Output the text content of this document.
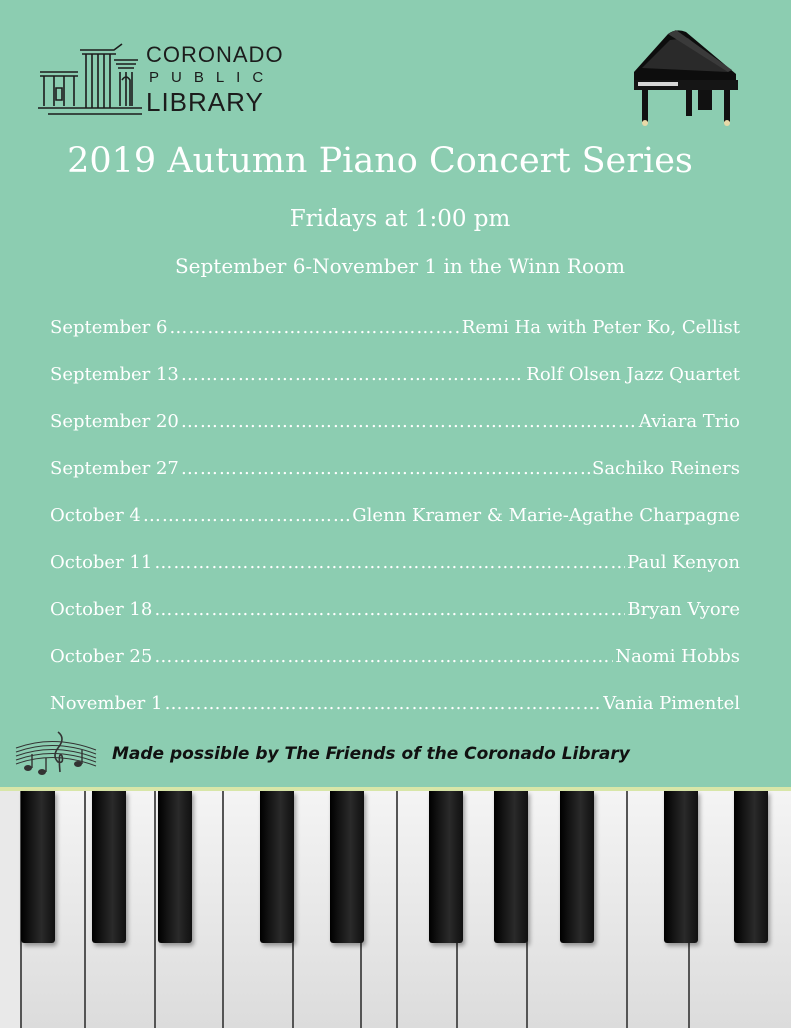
CORONADO
PUBLIC
LIBRARY
2019 Autumn Piano Concert Series
Fridays at 1:00 pm
September 6-November 1 in the Winn Room
September 6 ………………………………………………………………………………………………………	Remi Ha with Peter Ko, Cellist
September 13 ………………………………………………………………………………………………………	Rolf Olsen Jazz Quartet
September 20 ………………………………………………………………………………………………………	Aviara Trio
September 27 ………………………………………………………………………………………………………	Sachiko Reiners
October 4 ………………………………………………………………………………………………………	Glenn Kramer & Marie-Agathe Charpagne
October 11 ………………………………………………………………………………………………………	Paul Kenyon
October 18 ………………………………………………………………………………………………………	Bryan Vyore
October 25 ………………………………………………………………………………………………………	Naomi Hobbs
November 1 ………………………………………………………………………………………………………	Vania Pimentel
Made possible by The Friends of the Coronado Library
